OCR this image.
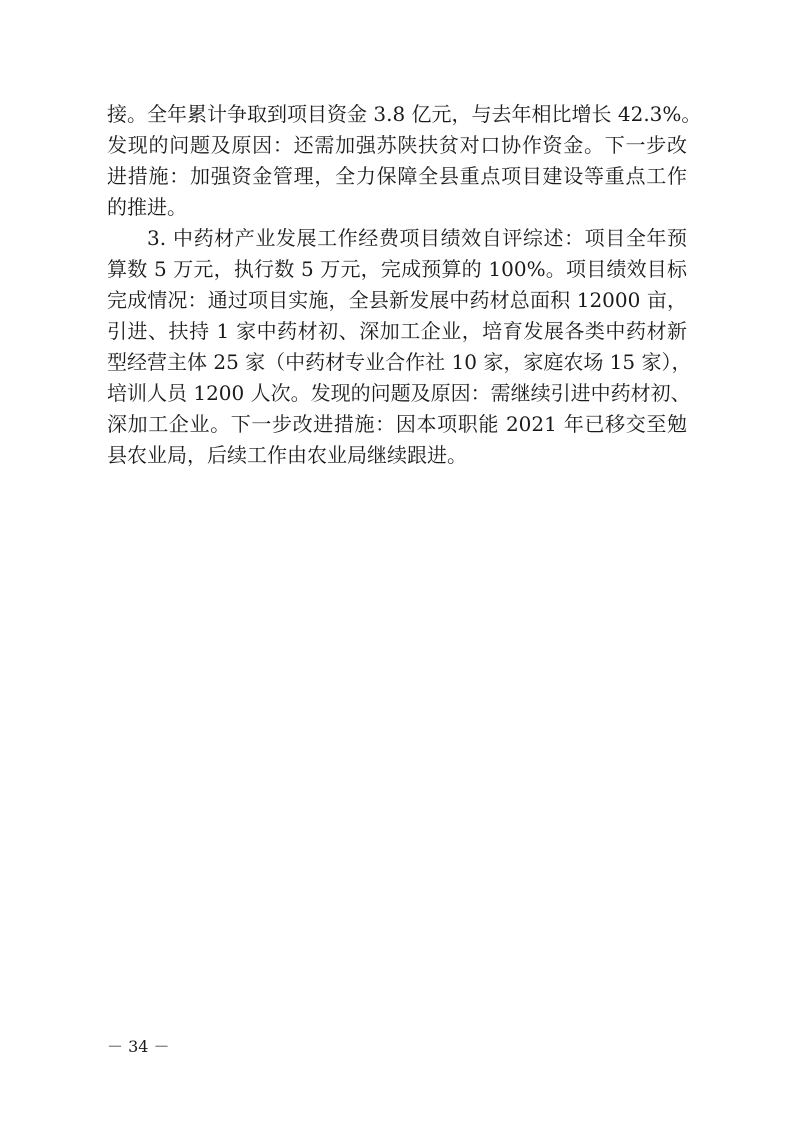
接。全年累计争取到项目资金 3.8 亿元，与去年相比增长 42.3%。
发现的问题及原因：还需加强苏陕扶贫对口协作资金。下一步改
进措施：加强资金管理，全力保障全县重点项目建设等重点工作
的推进。
3. 中药材产业发展工作经费项目绩效自评综述：项目全年预
算数 5 万元，执行数 5 万元，完成预算的 100%。项目绩效目标
完成情况：通过项目实施，全县新发展中药材总面积 12000 亩，
引进、扶持 1 家中药材初、深加工企业，培育发展各类中药材新
型经营主体 25 家（中药材专业合作社 10 家，家庭农场 15 家），
培训人员 1200 人次。发现的问题及原因：需继续引进中药材初、
深加工企业。下一步改进措施：因本项职能 2021 年已移交至勉
县农业局，后续工作由农业局继续跟进。
－ 34 －
